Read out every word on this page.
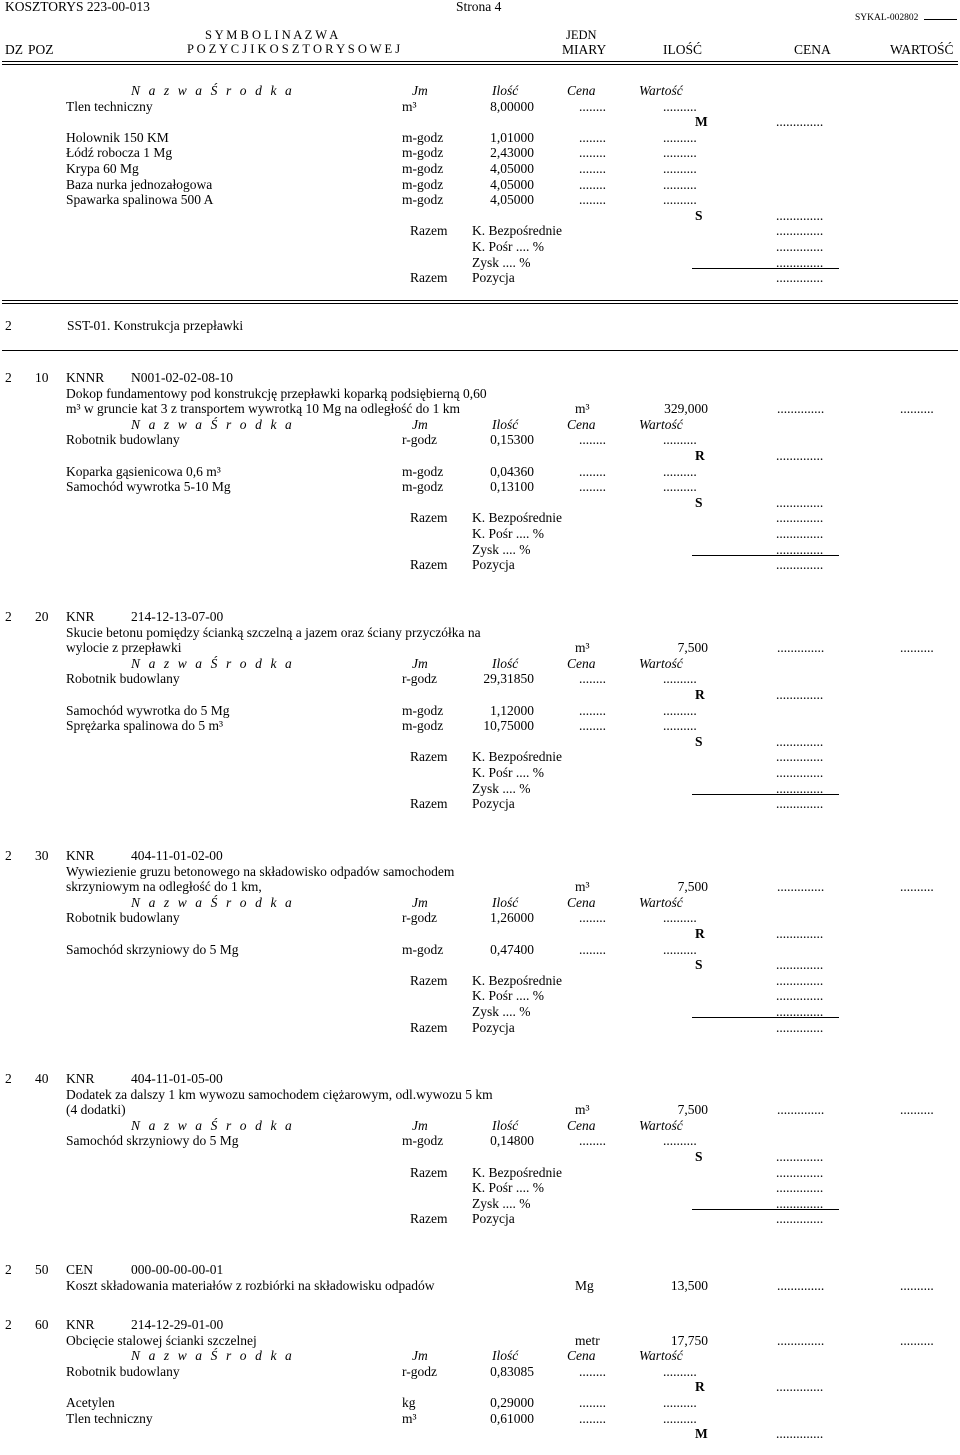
KOSZTORYS 223-00-013	Strona 4
SYKAL-002802
S Y M B O L I N A Z W A	JEDN
DZ POZ	P O Z Y C J I K O S Z T O R Y S O W E J	MIARY	ILOŚĆ	CENA	WARTOŚĆ
N a z w a Ś r o d k a	Jm	Ilość	Cena	Wartość
Tlen techniczny	m³	8,00000	........	..........
M	..............
Holownik 150 KM	m-godz	1,01000	........	..........
Łódź robocza 1 Mg	m-godz	2,43000	........	..........
Krypa 60 Mg	m-godz	4,05000	........	..........
Baza nurka jednozałogowa	m-godz	4,05000	........	..........
Spawarka spalinowa 500 A	m-godz	4,05000	........	..........
S	..............
Razem K. Bezpośrednie	..............
K. Pośr .... %	..............
Zysk .... %	..............
Razem Pozycja	..............
2	SST-01. Konstrukcja przepławki
2 10 KNNR N001-02-02-08-10
Dokop fundamentowy pod konstrukcję przepławki koparką podsiębierną 0,60
m³ w gruncie kat 3 z transportem wywrotką 10 Mg na odległość do 1 km	m³	329,000	..............	..........
N a z w a Ś r o d k a	Jm	Ilość	Cena	Wartość
Robotnik budowlany	r-godz	0,15300	........	..........
R	..............
Koparka gąsienicowa 0,6 m³	m-godz	0,04360	........	..........
Samochód wywrotka 5-10 Mg	m-godz	0,13100	........	..........
S	..............
Razem K. Bezpośrednie	..............
K. Pośr .... %	..............
Zysk .... %	..............
Razem Pozycja	..............
2 20 KNR	214-12-13-07-00
Skucie betonu pomiędzy ścianką szczelną a jazem oraz ściany przyczółka na
wylocie z przepławki	m³	7,500	..............	..........
N a z w a Ś r o d k a	Jm	Ilość	Cena	Wartość
Robotnik budowlany	r-godz	29,31850	........	..........
R	..............
Samochód wywrotka do 5 Mg	m-godz	1,12000	........	..........
Sprężarka spalinowa do 5 m³	m-godz	10,75000	........	..........
S	..............
Razem K. Bezpośrednie	..............
K. Pośr .... %	..............
Zysk .... %	..............
Razem Pozycja	..............
2 30 KNR	404-11-01-02-00
Wywiezienie gruzu betonowego na składowisko odpadów samochodem
skrzyniowym na odległość do 1 km,	m³	7,500	..............	..........
N a z w a Ś r o d k a	Jm	Ilość	Cena	Wartość
Robotnik budowlany	r-godz	1,26000	........	..........
R	..............
Samochód skrzyniowy do 5 Mg	m-godz	0,47400	........	..........
S	..............
Razem K. Bezpośrednie	..............
K. Pośr .... %	..............
Zysk .... %	..............
Razem Pozycja	..............
2 40 KNR	404-11-01-05-00
Dodatek za dalszy 1 km wywozu samochodem ciężarowym, odl.wywozu 5 km
(4 dodatki)	m³	7,500	..............	..........
N a z w a Ś r o d k a	Jm	Ilość	Cena	Wartość
Samochód skrzyniowy do 5 Mg	m-godz	0,14800	........	..........
S	..............
Razem K. Bezpośrednie	..............
K. Pośr .... %	..............
Zysk .... %	..............
Razem Pozycja	..............
2 50 CEN	000-00-00-00-01
Koszt składowania materiałów z rozbiórki na składowisku odpadów	Mg	13,500	..............	..........
2 60 KNR	214-12-29-01-00
Obcięcie stalowej ścianki szczelnej	metr	17,750	..............	..........
N a z w a Ś r o d k a	Jm	Ilość	Cena	Wartość
Robotnik budowlany	r-godz	0,83085	........	..........
R	..............
Acetylen	kg	0,29000	........	..........
Tlen techniczny	m³	0,61000	........	..........
M	..............
